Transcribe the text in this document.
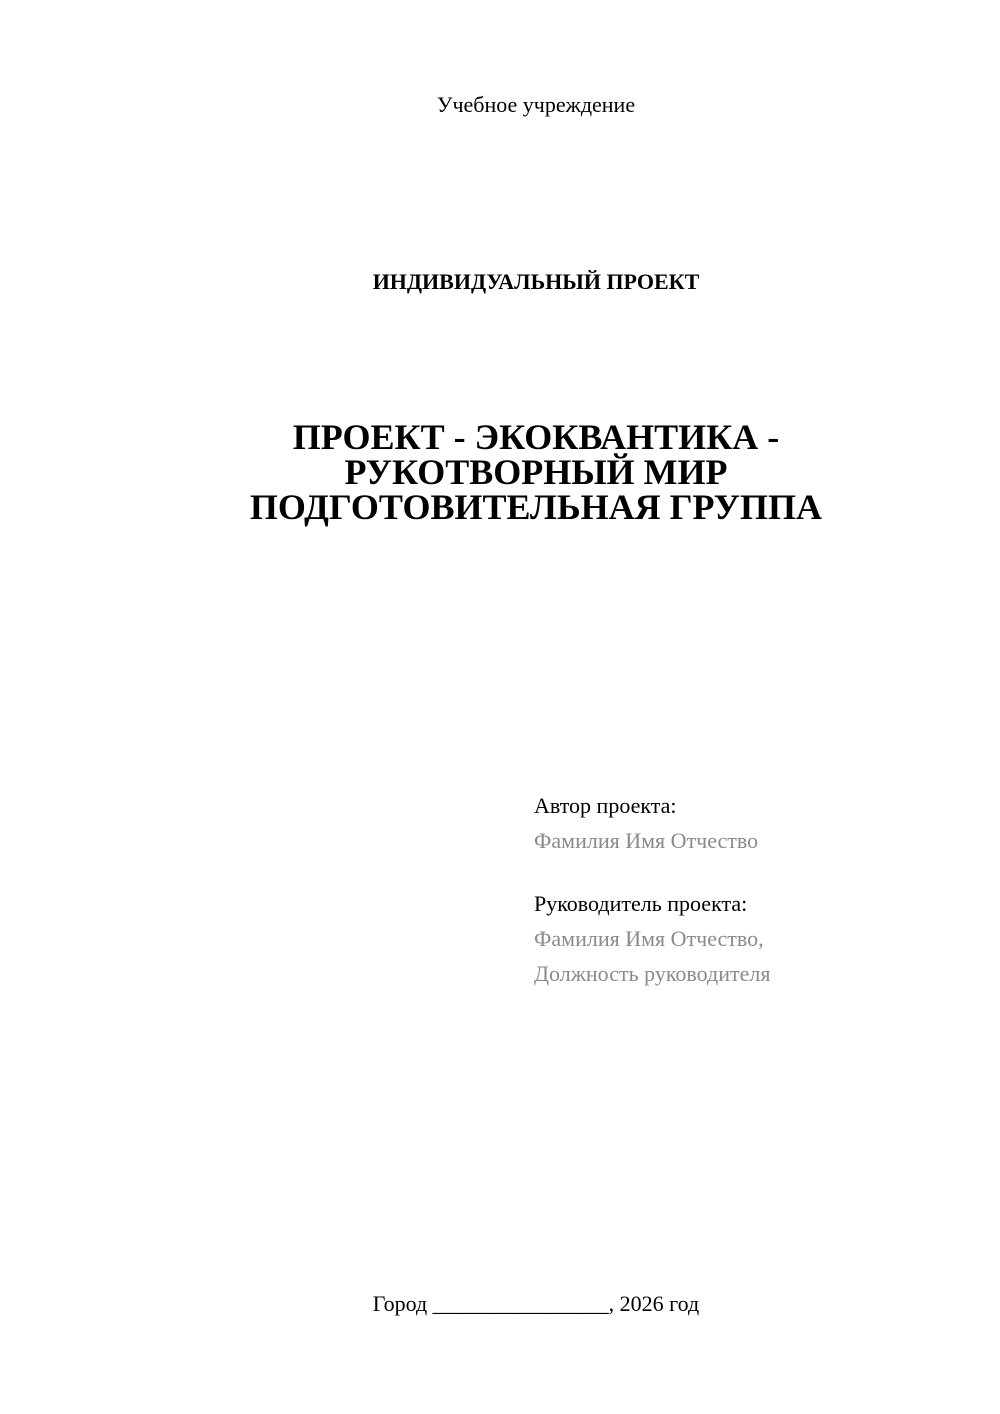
Учебное учреждение
ИНДИВИДУАЛЬНЫЙ ПРОЕКТ
ПРОЕКТ - ЭКОКВАНТИКА -
РУКОТВОРНЫЙ МИР
ПОДГОТОВИТЕЛЬНАЯ ГРУППА
Автор проекта:
Фамилия Имя Отчество
Руководитель проекта:
Фамилия Имя Отчество,
Должность руководителя
Город ________________, 2026 год
